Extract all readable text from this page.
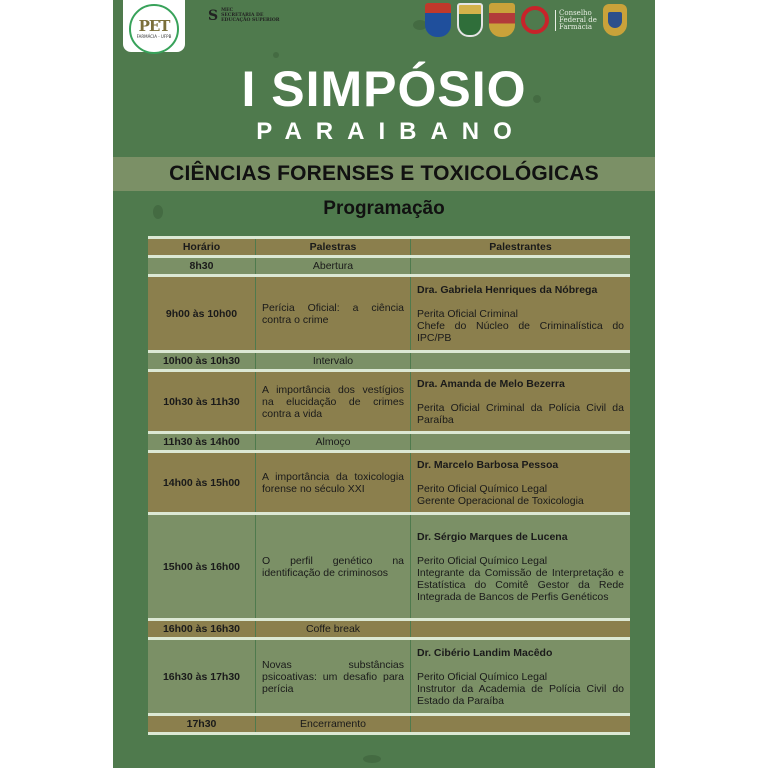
PET
FARMÁCIA - UFPB
S MEC
SECRETARIA DE
EDUCAÇÃO SUPERIOR
Conselho
Federal de
Farmácia
I SIMPÓSIO
PARAIBANO
CIÊNCIAS FORENSES E TOXICOLÓGICAS
Programação
Horário	Palestras	Palestrantes
8h30	Abertura	
9h00 às 10h00	Perícia Oficial: a ciência contra o crime	Dra. Gabriela Henriques da Nóbrega
Perita Oficial Criminal
Chefe do Núcleo de Criminalística do IPC/PB

10h00 às 10h30	Intervalo	
10h30 às 11h30	A importância dos vestígios na elucidação de crimes contra a vida	Dra. Amanda de Melo Bezerra
Perita Oficial Criminal da Polícia Civil da Paraíba

11h30 às 14h00	Almoço	
14h00 às 15h00	A importância da toxicologia forense no século XXI	Dr. Marcelo Barbosa Pessoa
Perito Oficial Químico Legal
Gerente Operacional de Toxicologia

15h00 às 16h00	O perfil genético na identificação de criminosos	Dr. Sérgio Marques de Lucena
Perito Oficial Químico Legal
Integrante da Comissão de Interpretação e Estatística do Comitê Gestor da Rede Integrada de Bancos de Perfis Genéticos

16h00 às 16h30	Coffe break	
16h30 às 17h30	Novas substâncias psicoativas: um desafio para perícia	Dr. Cibério Landim Macêdo
Perito Oficial Químico Legal
Instrutor da Academia de Polícia Civil do Estado da Paraíba

17h30	Encerramento	
